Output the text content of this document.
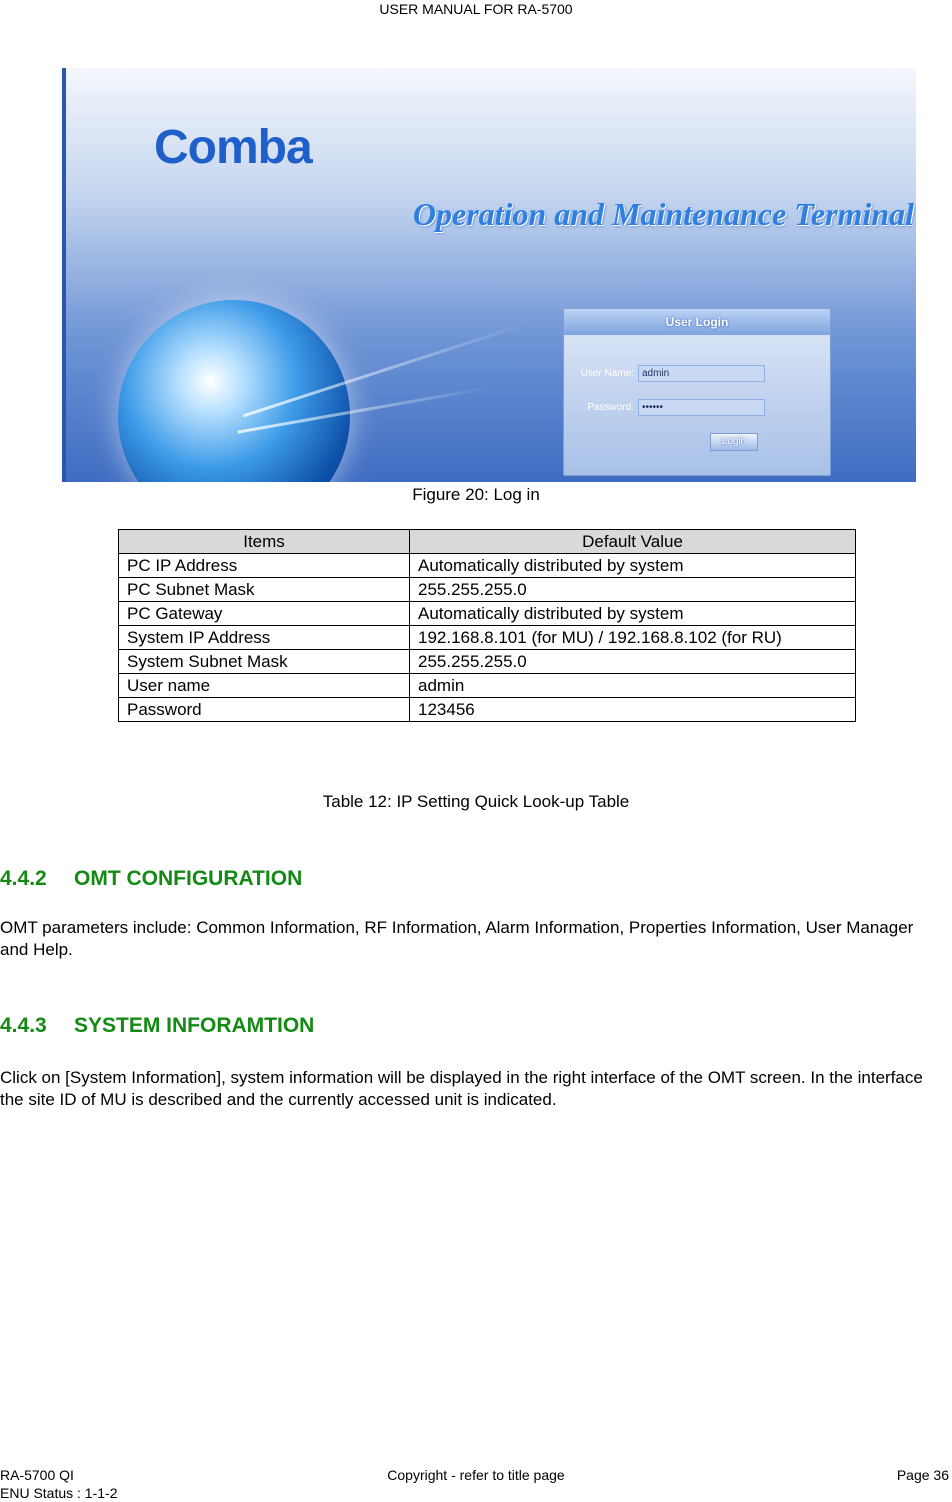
USER MANUAL FOR RA-5700
Comba
Operation and Maintenance Terminal
User Login
User Name: admin
Password: ••••••
Login
Figure 20: Log in
Items	Default Value
PC IP Address	Automatically distributed by system
PC Subnet Mask	255.255.255.0
PC Gateway	Automatically distributed by system
System IP Address	192.168.8.101 (for MU) / 192.168.8.102 (for RU)
System Subnet Mask	255.255.255.0
User name	admin
Password	123456
Table 12: IP Setting Quick Look-up Table
4.4.2 OMT CONFIGURATION
OMT parameters include: Common Information, RF Information, Alarm Information, Properties Information, User Manager and Help.
4.4.3 SYSTEM INFORAMTION
Click on [System Information], system information will be displayed in the right interface of the OMT screen. In the interface the site ID of MU is described and the currently accessed unit is indicated.
RA-5700 QI	Copyright - refer to title page	Page 36
ENU Status : 1-1-2
